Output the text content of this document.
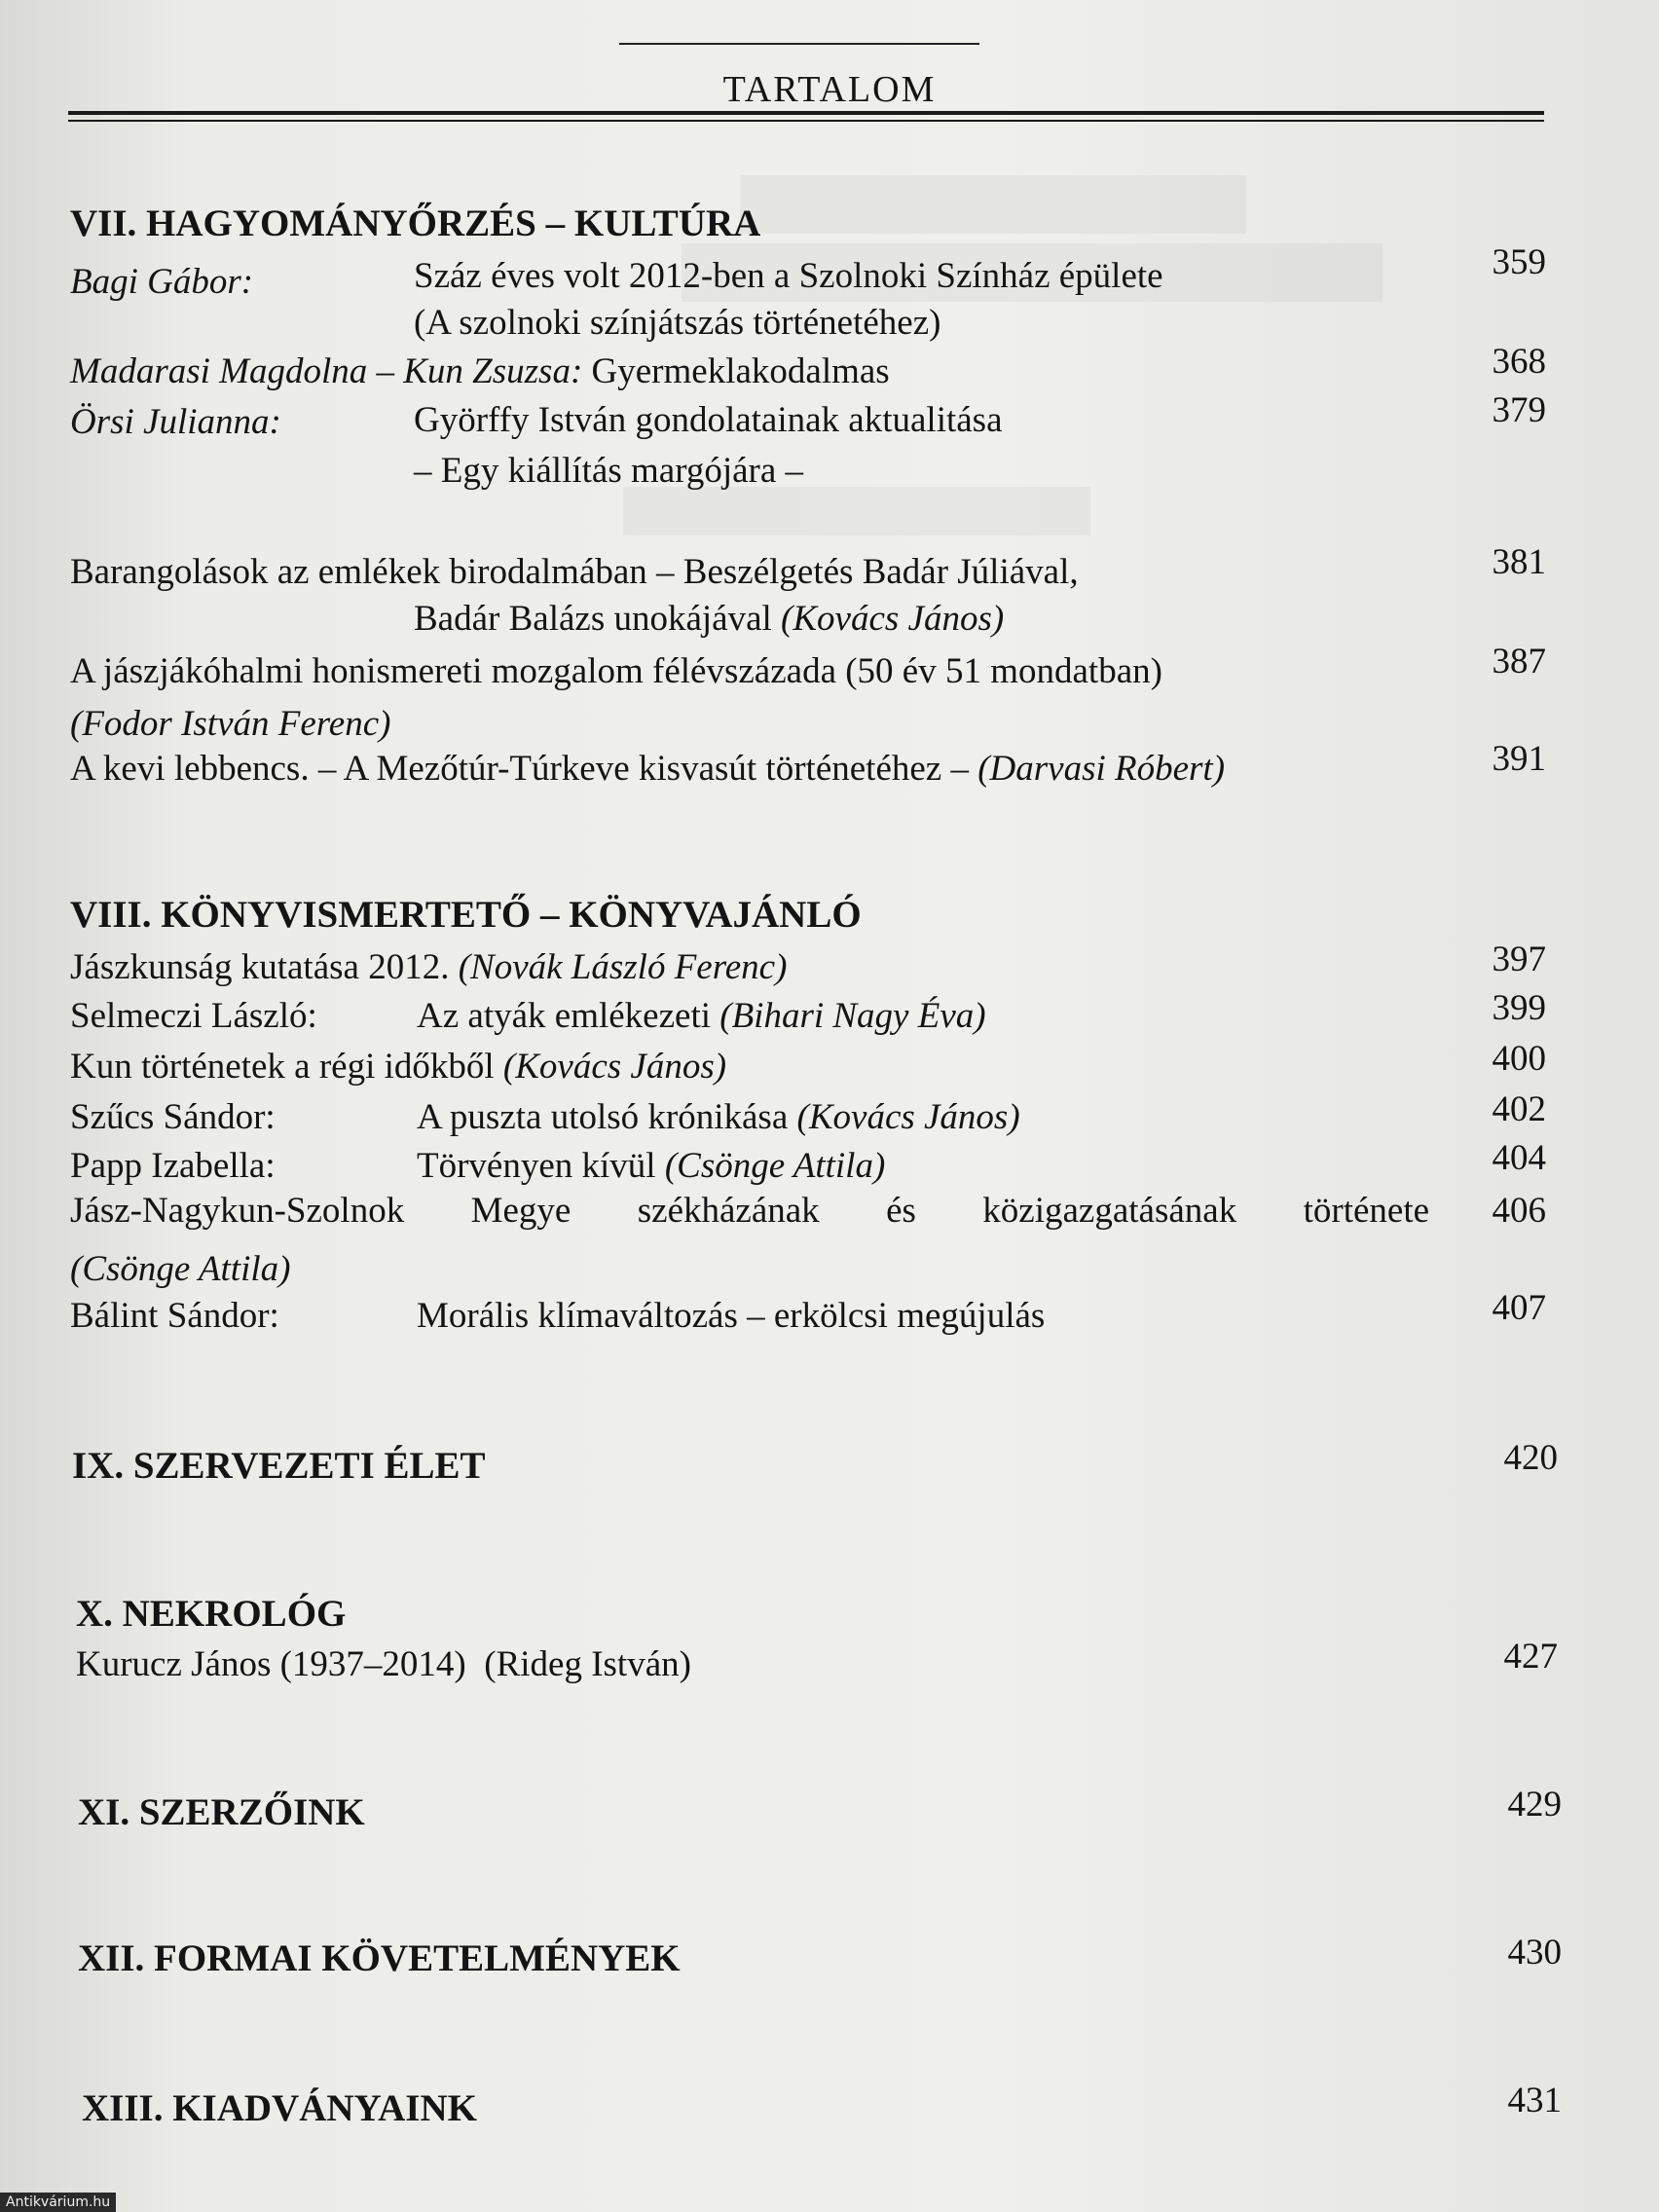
TARTALOM
VII. HAGYOMÁNYŐRZÉS – KULTÚRA
Bagi Gábor:	Száz éves volt 2012-ben a Szolnoki Színház épülete
(A szolnoki színjátszás történetéhez)
359
Madarasi Magdolna – Kun Zsuzsa: Gyermeklakodalmas	368
Örsi Julianna:	Györffy István gondolatainak aktualitása
– Egy kiállítás margójára –
379
Barangolások az emlékek birodalmában – Beszélgetés Badár Júliával,
Badár Balázs unokájával (Kovács János)
381
A jászjákóhalmi honismereti mozgalom félévszázada (50 év 51 mondatban)
(Fodor István Ferenc)
387
A kevi lebbencs. – A Mezőtúr-Túrkeve kisvasút történetéhez – (Darvasi Róbert)	391
VIII. KÖNYVISMERTETŐ – KÖNYVAJÁNLÓ
Jászkunság kutatása 2012. (Novák László Ferenc)	397
Selmeczi László:	Az atyák emlékezeti (Bihari Nagy Éva)	399
Kun történetek a régi időkből (Kovács János)	400
Szűcs Sándor:	A puszta utolsó krónikása (Kovács János)	402
Papp Izabella:	Törvényen kívül (Csönge Attila)	404
Jász-Nagykun-Szolnok Megye székházának és közigazgatásának története
(Csönge Attila)
406
Bálint Sándor:	Morális klímaváltozás – erkölcsi megújulás	407
IX. SZERVEZETI ÉLET	420
X. NEKROLÓG
Kurucz János (1937–2014) (Rideg István)	427
XI. SZERZŐINK	429
XII. FORMAI KÖVETELMÉNYEK	430
XIII. KIADVÁNYAINK	431
Antikvárium.hu
